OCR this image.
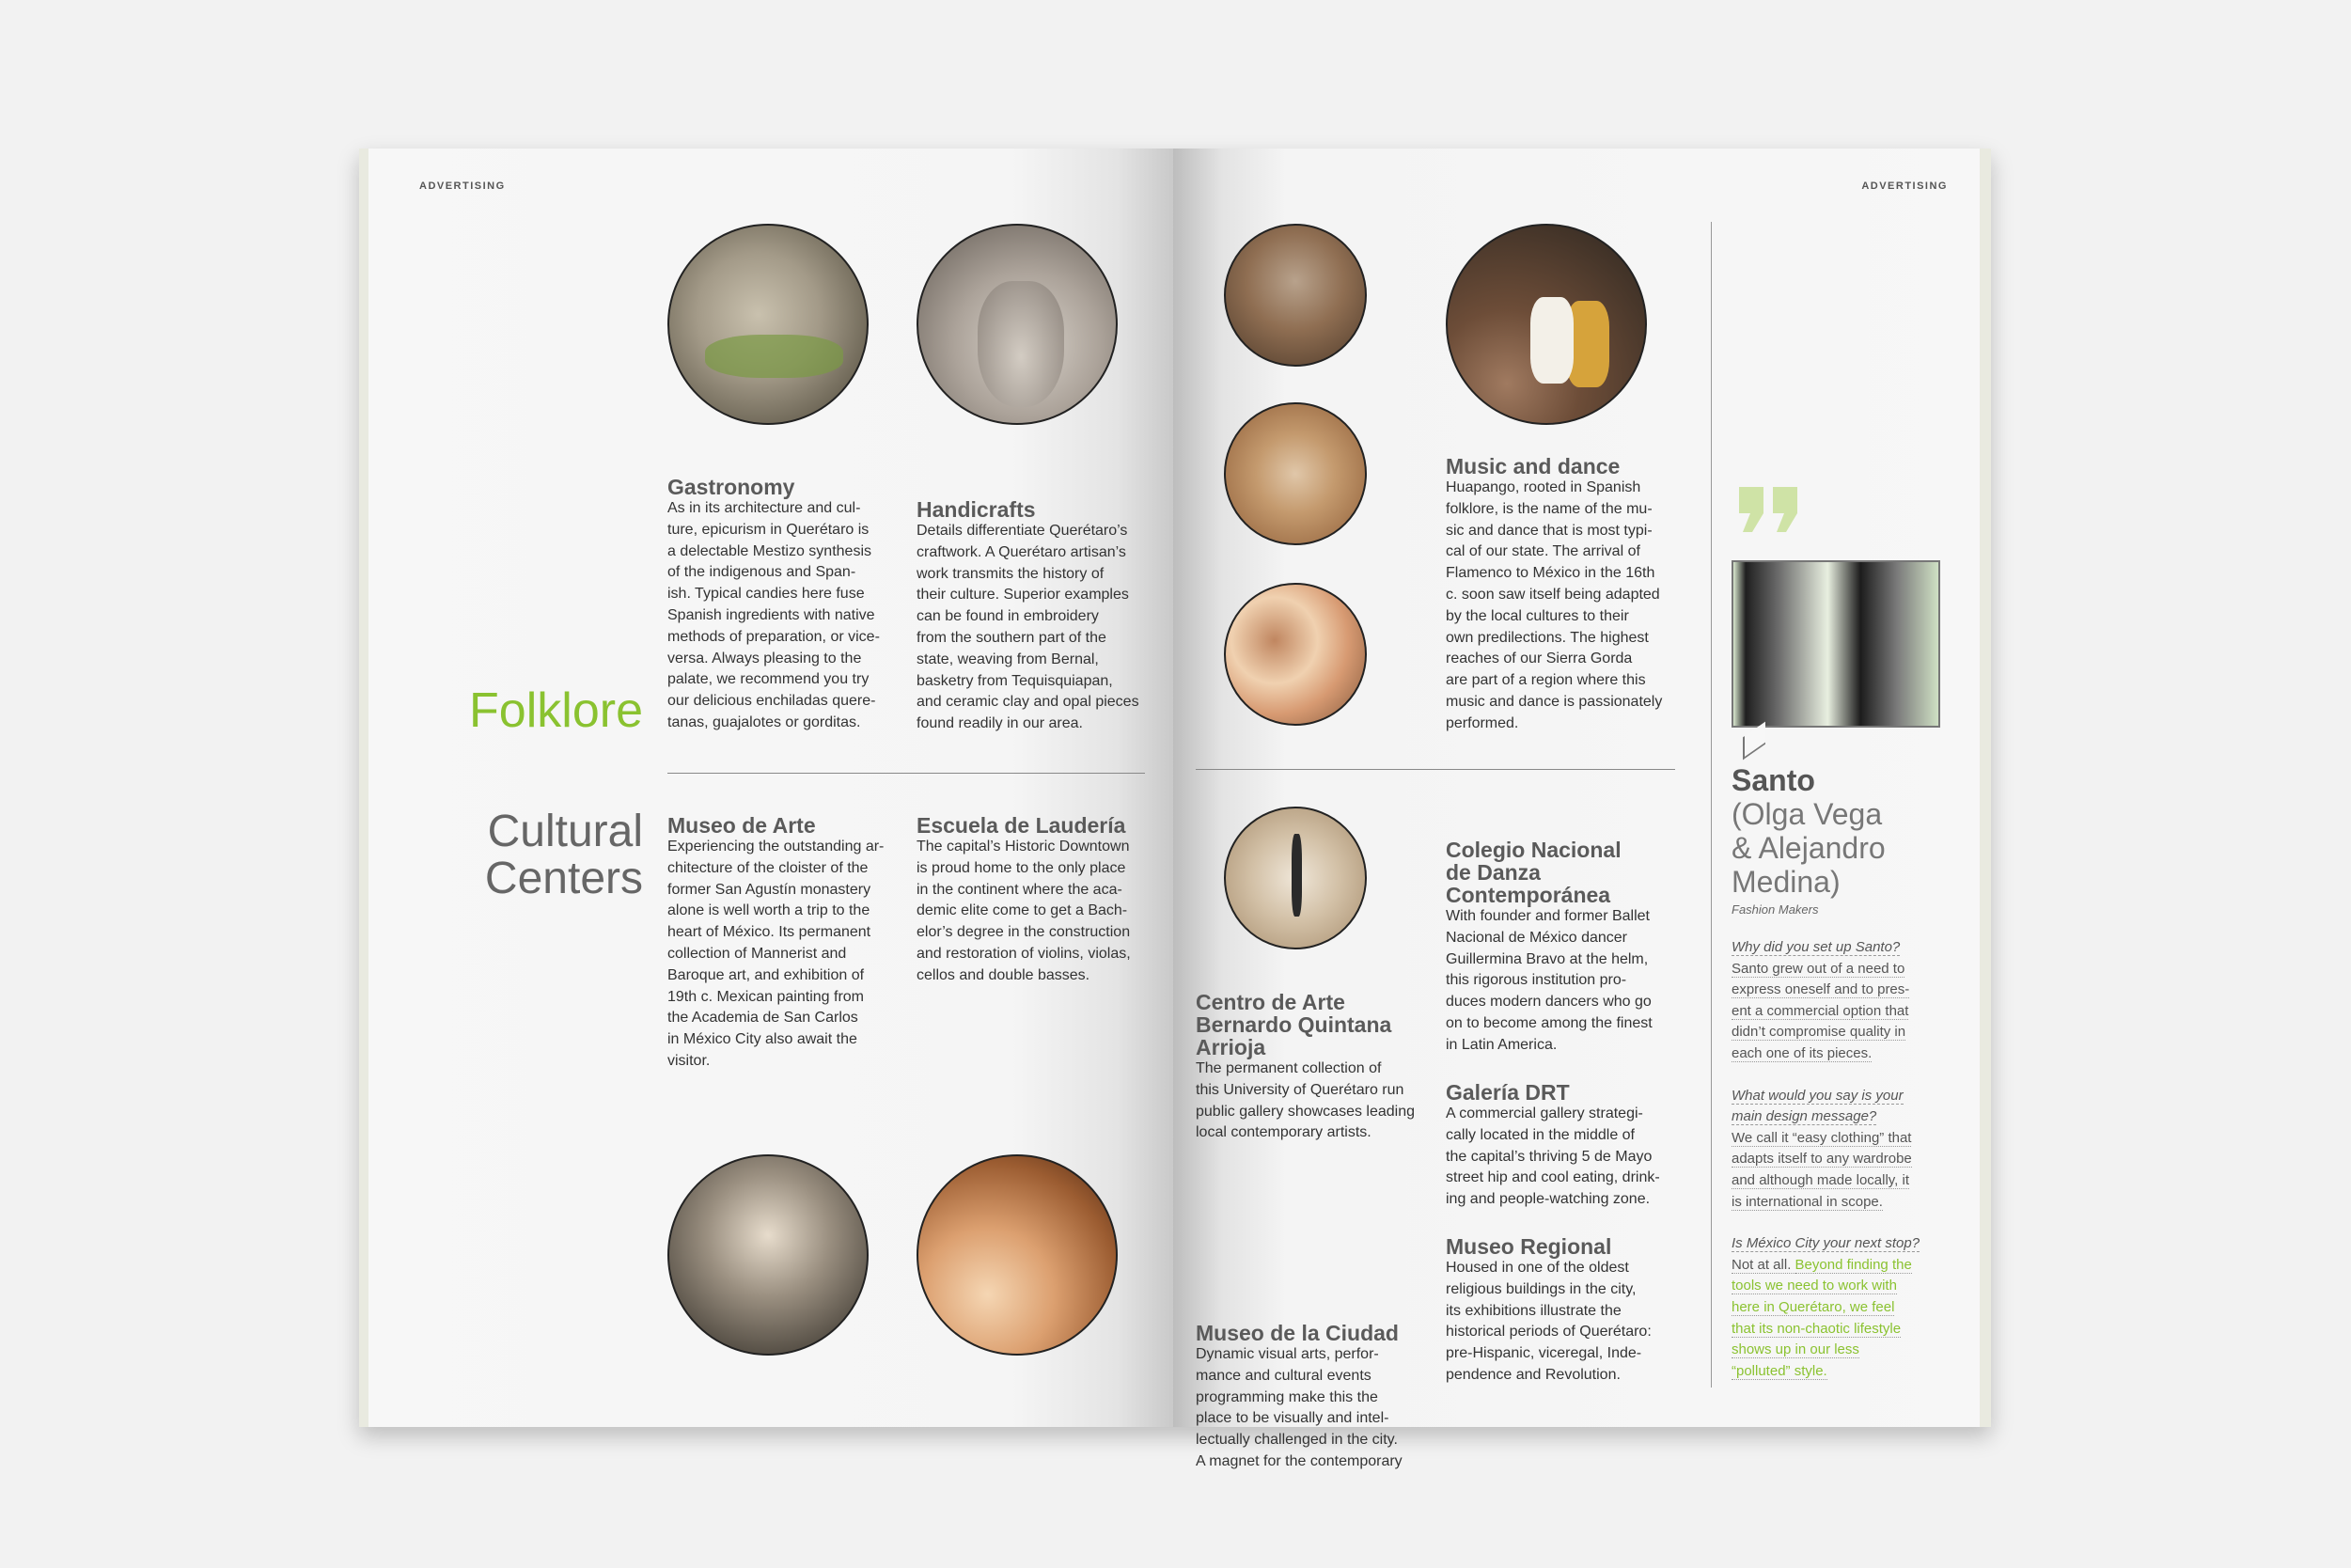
ADVERTISING
Gastronomy
As in its architecture and cul-
ture, epicurism in Querétaro is
a delectable Mestizo synthesis
of the indigenous and Span-
ish. Typical candies here fuse
Spanish ingredients with native
methods of preparation, or vice-
versa. Always pleasing to the
palate, we recommend you try
our delicious enchiladas quere-
tanas, guajalotes or gorditas.
Handicrafts
Details differentiate Querétaro’s
craftwork. A Querétaro artisan’s
work transmits the history of
their culture. Superior examples
can be found in embroidery
from the southern part of the
state, weaving from Bernal,
basketry from Tequisquiapan,
and ceramic clay and opal pieces
found readily in our area.
Folklore
Cultural
Centers
Museo de Arte
Experiencing the outstanding ar-
chitecture of the cloister of the
former San Agustín monastery
alone is well worth a trip to the
heart of México. Its permanent
collection of Mannerist and
Baroque art, and exhibition of
19th c. Mexican painting from
the Academia de San Carlos
in México City also await the
visitor.
Escuela de Laudería
The capital’s Historic Downtown
is proud home to the only place
in the continent where the aca-
demic elite come to get a Bach-
elor’s degree in the construction
and restoration of violins, violas,
cellos and double basses.
ADVERTISING
Music and dance
Huapango, rooted in Spanish
folklore, is the name of the mu-
sic and dance that is most typi-
cal of our state. The arrival of
Flamenco to México in the 16th
c. soon saw itself being adapted
by the local cultures to their
own predilections. The highest
reaches of our Sierra Gorda
are part of a region where this
music and dance is passionately
performed.
Colegio Nacional
de Danza
Contemporánea
With founder and former Ballet
Nacional de México dancer
Guillermina Bravo at the helm,
this rigorous institution pro-
duces modern dancers who go
on to become among the finest
in Latin America.
Galería DRT
A commercial gallery strategi-
cally located in the middle of
the capital’s thriving 5 de Mayo
street hip and cool eating, drink-
ing and people-watching zone.
Museo Regional
Housed in one of the oldest
religious buildings in the city,
its exhibitions illustrate the
historical periods of Querétaro:
pre-Hispanic, viceregal, Inde-
pendence and Revolution.
Centro de Arte
Bernardo Quintana
Arrioja
The permanent collection of
this University of Querétaro run
public gallery showcases leading
local contemporary artists.
Museo de la Ciudad
Dynamic visual arts, perfor-
mance and cultural events
programming make this the
place to be visually and intel-
lectually challenged in the city.
A magnet for the contemporary
Santo
(Olga Vega
& Alejandro
Medina)
Fashion Makers

Why did you set up Santo?

Santo grew out of a need to
express oneself and to pres-
ent a commercial option that
didn’t compromise quality in
each one of its pieces.
What would you say is your
main design message?
We call it “easy clothing” that
adapts itself to any wardrobe
and although made locally, it
is international in scope.

Is México City your next stop?

Not at all. Beyond finding the
tools we need to work with
here in Querétaro, we feel
that its non-chaotic lifestyle
shows up in our less
“polluted” style.
